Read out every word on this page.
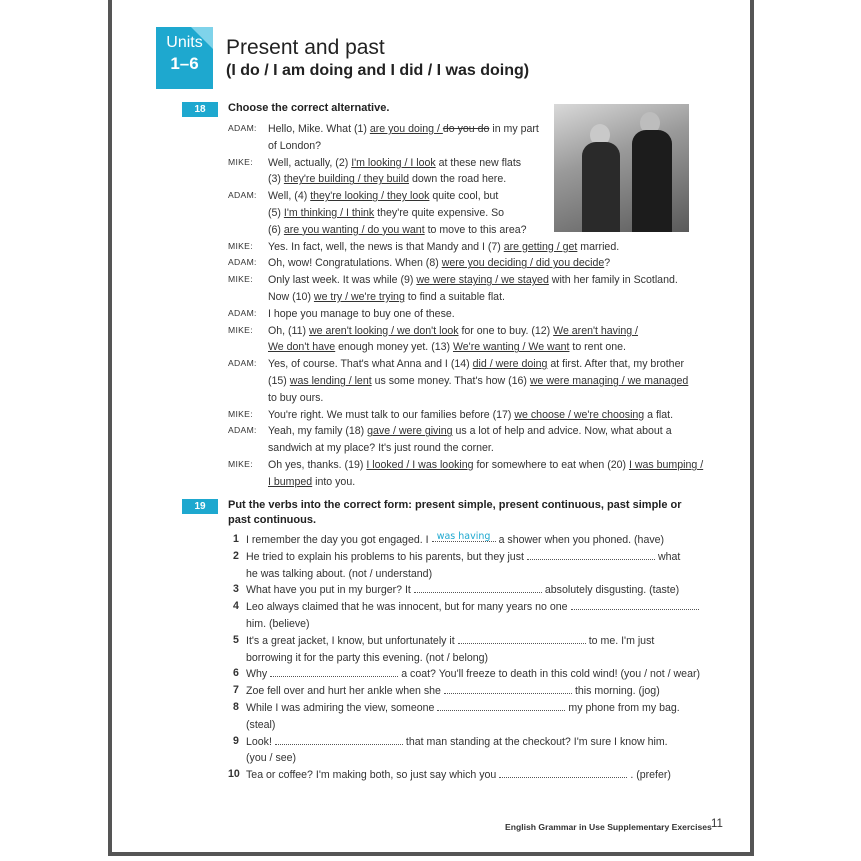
Units
1–6
Present and past
(I do / I am doing and I did / I was doing)
18	Choose the correct alternative.
ADAM: Hello, Mike. What (1) are you doing / do you do in my part
of London?
MIKE: Well, actually, (2) I'm looking / I look at these new flats
(3) they're building / they build down the road here.
ADAM: Well, (4) they're looking / they look quite cool, but
(5) I'm thinking / I think they're quite expensive. So
(6) are you wanting / do you want to move to this area?
MIKE: Yes. In fact, well, the news is that Mandy and I (7) are getting / get married.
ADAM: Oh, wow! Congratulations. When (8) were you deciding / did you decide?
MIKE: Only last week. It was while (9) we were staying / we stayed with her family in Scotland.
Now (10) we try / we're trying to find a suitable flat.
ADAM: I hope you manage to buy one of these.
MIKE: Oh, (11) we aren't looking / we don't look for one to buy. (12) We aren't having /
We don't have enough money yet. (13) We're wanting / We want to rent one.
ADAM: Yes, of course. That's what Anna and I (14) did / were doing at first. After that, my brother
(15) was lending / lent us some money. That's how (16) we were managing / we managed
to buy ours.
MIKE: You're right. We must talk to our families before (17) we choose / we're choosing a flat.
ADAM: Yeah, my family (18) gave / were giving us a lot of help and advice. Now, what about a
sandwich at my place? It's just round the corner.
MIKE: Oh yes, thanks. (19) I looked / I was looking for somewhere to eat when (20) I was bumping /
I bumped into you.
19	Put the verbs into the correct form: present simple, present continuous, past simple or
past continuous.
1 I remember the day you got engaged. I was having a shower when you phoned. (have)
2 He tried to explain his problems to his parents, but they just	what
he was talking about. (not / understand)
3 What have you put in my burger? It	absolutely disgusting. (taste)
4 Leo always claimed that he was innocent, but for many years no one
him. (believe)
5 It's a great jacket, I know, but unfortunately it	to me. I'm just
borrowing it for the party this evening. (not / belong)
6 Why	a coat? You'll freeze to death in this cold wind! (you / not / wear)
7 Zoe fell over and hurt her ankle when she	this morning. (jog)
8 While I was admiring the view, someone	my phone from my bag.
(steal)
9 Look!	that man standing at the checkout? I'm sure I know him.
(you / see)
10 Tea or coffee? I'm making both, so just say which you	. (prefer)
English Grammar in Use Supplementary Exercises 11
